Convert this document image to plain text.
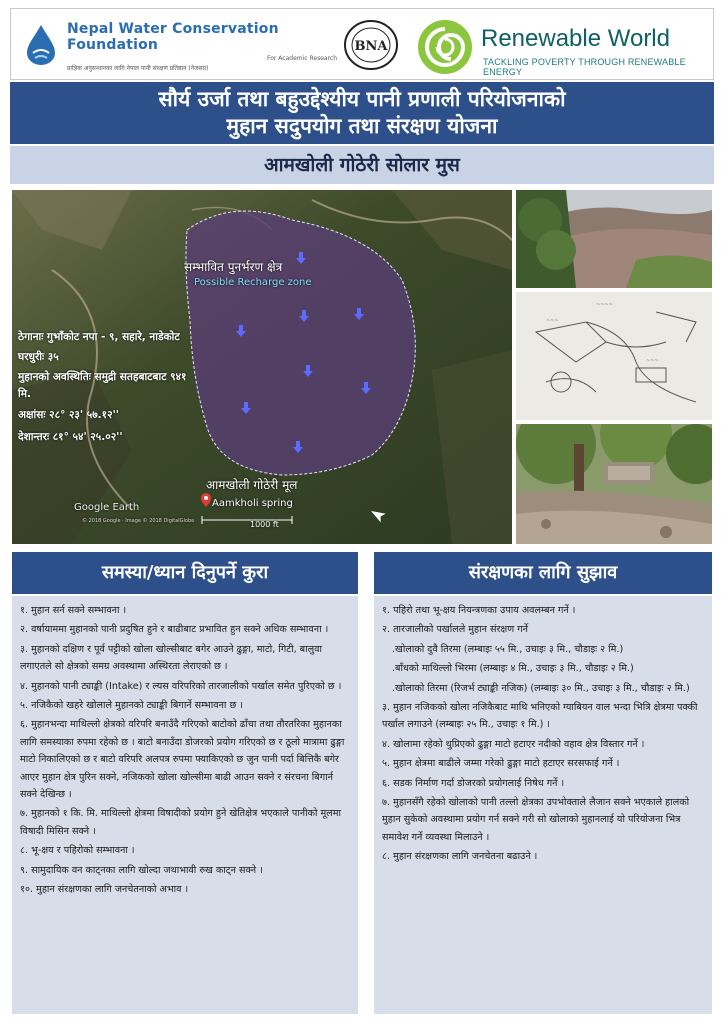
Nepal Water Conservation Foundation
For Academic Research
प्राज्ञिक अनुसन्धानका लागि नेपाल पानी संरक्षण प्रतिष्ठान (नेजसप्र)
BNA	Renewable World
TACKLING POVERTY THROUGH RENEWABLE ENERGY
सौर्य उर्जा तथा बहुउद्देश्यीय पानी प्रणाली परियोजनाको
मुहान सदुपयोग तथा संरक्षण योजना
आमखोली गोठेरी सोलार मुस
सम्भावित पुनर्भरण क्षेत्र
Possible Recharge zone
ठेगानाः गुभाँकोट नपा - ९, सहारे, नाडेकोट
घरधुरीः ३५
मुहानको अवस्थितिः समुद्री सतहबाटबाट ९४१
मि.
अक्षांसः २८° २३' ५७.१२''
देशान्तरः ८१° ५४' २५.०२''
आमखोली गोठेरी मूल
Aamkholi spring
1000 ft
Google Earth
© 2018 Google · Image © 2018 DigitalGlobe
~~~~
~~~
~~~
समस्या/ध्यान दिनुपर्ने कुरा
१. मुहान सर्न सक्ने सम्भावना ।
२. वर्षायाममा मुहानको पानी प्रदुषित हुने र बाढीबाट प्रभावित हुन सक्ने अधिक सम्भावना ।
३. मुहानको दक्षिण र पूर्व पट्टीको खोला खोल्सीबाट बगेर आउने ढुङ्गा, माटो, गिटी, बालुवा लगाएतले सो क्षेत्रको समग्र अवस्थामा अस्थिरता लेराएको छ ।
४. मुहानको पानी ट्याङ्की (Intake) र ल्यस वरिपरिको तारजालीको पर्खाल समेत पुरिएको छ ।
५. नजिकैको खहरे खोलाले मुहानको ट्याङ्की बिगार्ने सम्भावना छ ।
६. मुहानभन्दा माथिल्लो क्षेत्रको वरिपरि बनाउँदै गरिएको बाटोको ढाँचा तथा तौरतरिका मुहानका लागि समस्याका रुपमा रहेको छ । बाटो बनाउँदा डोजरको प्रयोग गरिएको छ र ठूलो मात्रामा ढुङ्गा माटो निकालिएको छ र बाटो वरिपरि अलपत्र रुपमा फ्याकिएको छ जुन पानी पर्दा बित्तिकै बगेर आएर मुहान क्षेत्र पुरिन सक्ने, नजिकको खोला खोल्सीमा बाढी आउन सक्ने र संरचना बिगार्न सक्ने देखिन्छ ।
७. मुहानको १ कि. मि. माथिल्लो क्षेत्रमा विषादीको प्रयोग हुने खेतिक्षेत्र भएकाले पानीको मूलमा विषादी मिसिन सक्ने ।
८. भू-क्षय र पहिरोको सम्भावना ।
९. सामुदायिक वन काट्नका लागि खोल्दा जथाभावी रुख काट्न सक्ने ।
१०. मुहान संरक्षणका लागि जनचेतनाको अभाव ।
संरक्षणका लागि सुझाव
१. पहिरो तथा भू-क्षय नियन्त्रणका उपाय अवलम्बन गर्ने ।
२. तारजालीको पर्खालले मुहान संरक्षण गर्ने
.खोलाको दुवै तिरमा (लम्बाइः ५५ मि., उचाइः ३ मि., चौडाइः २ मि.)
.बाँधको माथिल्लो भिरमा (लम्बाइः ४ मि., उचाइः ३ मि., चौडाइः २ मि.)
.खोलाको तिरमा (रिजर्भ ट्याङ्की नजिक) (लम्बाइः ३० मि., उचाइः ३ मि., चौडाइः २ मि.)
३. मुहान नजिकको खोला नजिकैबाट माथि भनिएको ग्याबियन वाल भन्दा भित्रि क्षेत्रमा पक्की पर्खाल लगाउने (लम्बाइः २५ मि., उचाइः १ मि.) ।
४. खोलामा रहेको थुप्रिएको ढुङ्गा माटो हटाएर नदीको वहाव क्षेत्र विस्तार गर्ने ।
५. मुहान क्षेत्रमा बाढीले जम्मा गरेको ढुङ्गा माटो हटाएर सरसफाई गर्ने ।
६. सडक निर्माण गर्दा डोजरको प्रयोगलाई निषेध गर्ने ।
७. मुहानसँगै रहेको खोलाको पानी तल्लो क्षेत्रका उपभोक्ताले लैजान सक्ने भएकाले हालको मुहान सुकेको अवस्थामा प्रयोग गर्न सक्ने गरी सो खोलाको मुहानलाई यो परियोजना भित्र समावेश गर्ने व्यवस्था मिलाउने ।
८. मुहान संरक्षणका लागि जनचेतना बढाउने ।
